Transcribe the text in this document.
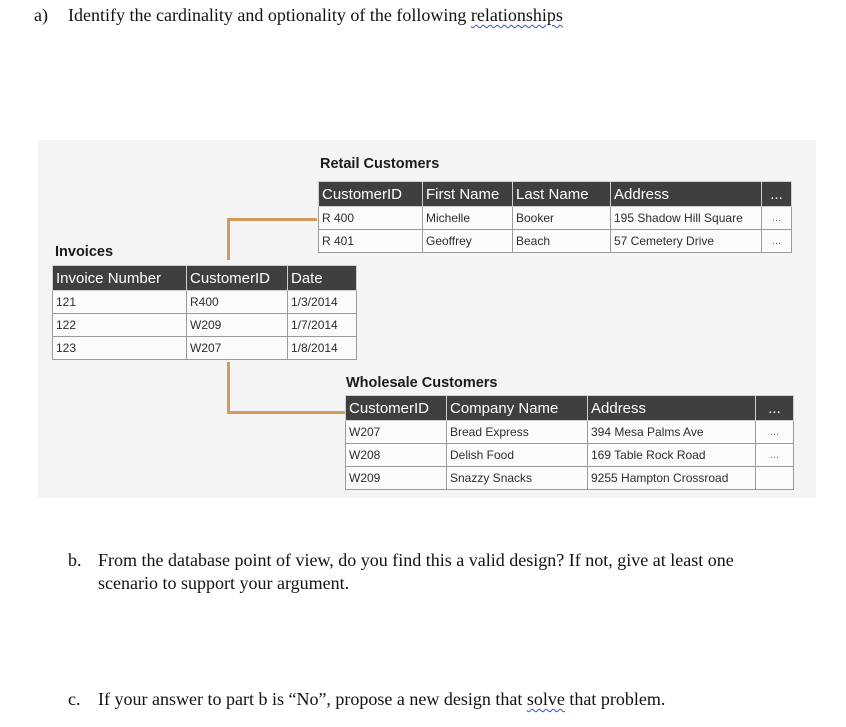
a) Identify the cardinality and optionality of the following relationships
Retail Customers
CustomerID	First Name	Last Name	Address	...
R 400	Michelle	Booker	195 Shadow Hill Square	...
R 401	Geoffrey	Beach	57 Cemetery Drive	...
Invoices
Invoice Number	CustomerID	Date
121	R400	1/3/2014
122	W209	1/7/2014
123	W207	1/8/2014
Wholesale Customers
CustomerID	Company Name	Address	...
W207	Bread Express	394 Mesa Palms Ave	...
W208	Delish Food	169 Table Rock Road	...
W209	Snazzy Snacks	9255 Hampton Crossroad	
b. From the database point of view, do you find this a valid design? If not, give at least one
scenario to support your argument.
c. If your answer to part b is “No”, propose a new design that solve that problem.
